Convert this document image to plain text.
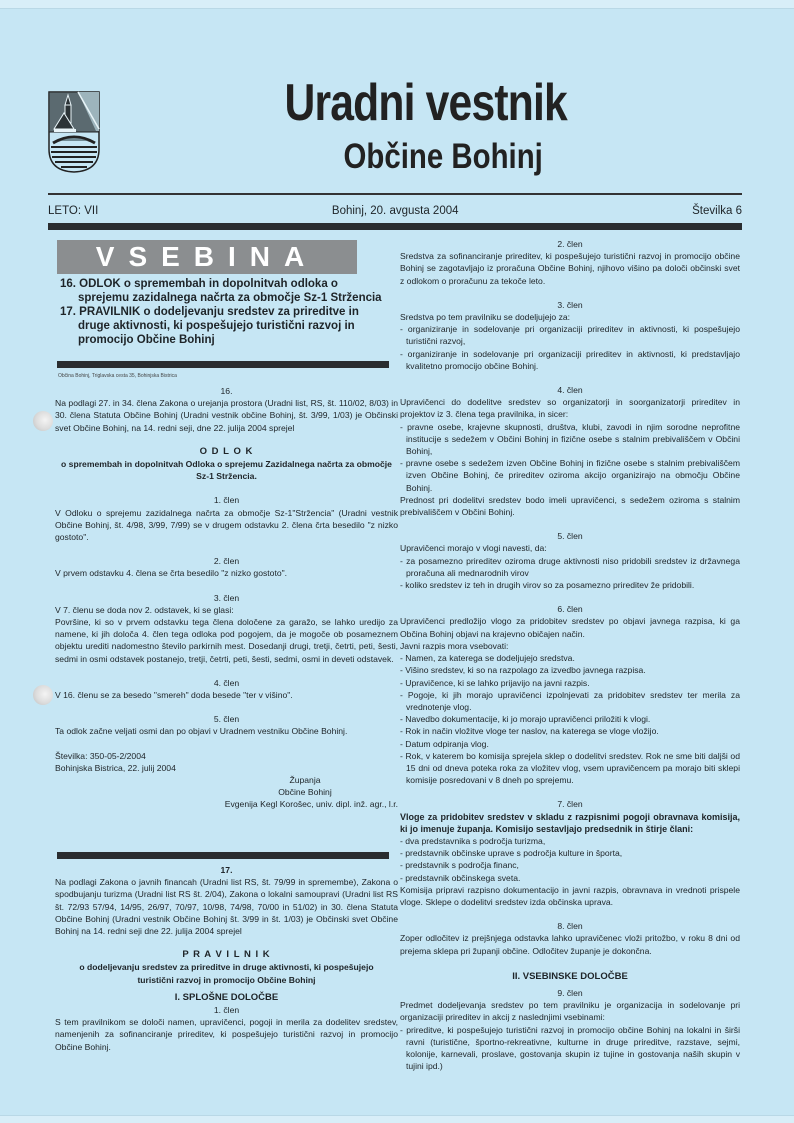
Uradni vestnik
Občine Bohinj
LETO: VII	Bohinj, 20. avgusta 2004	Številka 6
VSEBINA
16. ODLOK o spremembah in dopolnitvah odloka o sprejemu zazidalnega načrta za območje Sz-1 Stržencia
17. PRAVILNIK o dodeljevanju sredstev za prireditve in druge aktivnosti, ki pospešujejo turistični razvoj in promocijo Občine Bohinj
Občina Bohinj, Triglavska cesta 35, Bohinjska Bistrica
16.
Na podlagi 27. in 34. člena Zakona o urejanja prostora (Uradni list, RS, št. 110/02, 8/03) in 30. člena Statuta Občine Bohinj (Uradni vestnik občine Bohinj, št. 3/99, 1/03) je Občinski svet Občine Bohinj, na 14. redni seji, dne 22. julija 2004 sprejel
O D L O K
o spremembah in dopolnitvah Odloka o sprejemu Zazidalnega načrta za območje Sz-1 Stržencia.
1. člen
V Odloku o sprejemu zazidalnega načrta za območje Sz-1"Stržencia" (Uradni vestnik Občine Bohinj, št. 4/98, 3/99, 7/99) se v drugem odstavku 2. člena črta besedilo "z nizko gostoto".
2. člen
V prvem odstavku 4. člena se črta besedilo "z nizko gostoto".
3. člen
V 7. členu se doda nov 2. odstavek, ki se glasi:
Površine, ki so v prvem odstavku tega člena določene za garažo, se lahko uredijo za namene, ki jih določa 4. člen tega odloka pod pogojem, da je mogoče ob posameznem objektu urediti nadomestno število parkirnih mest. Dosedanji drugi, tretji, četrti, peti, šesti, sedmi in osmi odstavek postanejo, tretji, četrti, peti, šesti, sedmi, osmi in deveti odstavek.
4. člen
V 16. členu se za besedo "smereh" doda besede "ter v višino".
5. člen
Ta odlok začne veljati osmi dan po objavi v Uradnem vestniku Občine Bohinj.
Številka: 350-05-2/2004
Bohinjska Bistrica, 22. julij 2004
Županja
Občine Bohinj
Evgenija Kegl Korošec, univ. dipl. inž. agr., l.r.
17.
Na podlagi Zakona o javnih financah (Uradni list RS, št. 79/99 in spremembe), Zakona o spodbujanju turizma (Uradni list RS št. 2/04), Zakona o lokalni samoupravi (Uradni list RS št. 72/93 57/94, 14/95, 26/97, 70/97, 10/98, 74/98, 70/00 in 51/02) in 30. člena Statuta Občine Bohinj (Uradni vestnik Občine Bohinj št. 3/99 in št. 1/03) je Občinski svet Občine Bohinj na 14. redni seji dne 22. julija 2004 sprejel
P R A V I L N I K
o dodeljevanju sredstev za prireditve in druge aktivnosti, ki pospešujejo turistični razvoj in promocijo Občine Bohinj
I. SPLOŠNE DOLOČBE
1. člen
S tem pravilnikom se določi namen, upravičenci, pogoji in merila za dodelitev sredstev, namenjenih za sofinanciranje prireditev, ki pospešujejo turistični razvoj in promocijo Občine Bohinj.
2. člen
Sredstva za sofinanciranje prireditev, ki pospešujejo turistični razvoj in promocijo občine Bohinj se zagotavljajo iz proračuna Občine Bohinj, njihovo višino pa določi občinski svet z odlokom o proračunu za tekoče leto.
3. člen
Sredstva po tem pravilniku se dodeljujejo za:
- organiziranje in sodelovanje pri organizaciji prireditev in aktivnosti, ki pospešujejo turistični razvoj,
- organiziranje in sodelovanje pri organizaciji prireditev in aktivnosti, ki predstavljajo kvalitetno promocijo občine Bohinj.
4. člen
Upravičenci do dodelitve sredstev so organizatorji in soorganizatorji prireditev in projektov iz 3. člena tega pravilnika, in sicer:
- pravne osebe, krajevne skupnosti, društva, klubi, zavodi in njim sorodne neprofitne institucije s sedežem v Občini Bohinj in fizične osebe s stalnim prebivališčem v Občini Bohinj,
- pravne osebe s sedežem izven Občine Bohinj in fizične osebe s stalnim prebivališčem izven Občine Bohinj, če prireditev oziroma akcijo organizirajo na območju Občine Bohinj.
Prednost pri dodelitvi sredstev bodo imeli upravičenci, s sedežem oziroma s stalnim prebivališčem v Občini Bohinj.
5. člen
Upravičenci morajo v vlogi navesti, da:
- za posamezno prireditev oziroma druge aktivnosti niso pridobili sredstev iz državnega proračuna ali mednarodnih virov
- koliko sredstev iz teh in drugih virov so za posamezno prireditev že pridobili.
6. člen
Upravičenci predložijo vlogo za pridobitev sredstev po objavi javnega razpisa, ki ga Občina Bohinj objavi na krajevno običajen način.
Javni razpis mora vsebovati:
- Namen, za katerega se dodeljujejo sredstva.
- Višino sredstev, ki so na razpolago za izvedbo javnega razpisa.
- Upravičence, ki se lahko prijavijo na javni razpis.
- Pogoje, ki jih morajo upravičenci izpolnjevati za pridobitev sredstev ter merila za vrednotenje vlog.
- Navedbo dokumentacije, ki jo morajo upravičenci priložiti k vlogi.
- Rok in način vložitve vloge ter naslov, na katerega se vloge vložijo.
- Datum odpiranja vlog.
- Rok, v katerem bo komisija sprejela sklep o dodelitvi sredstev. Rok ne sme biti daljši od 15 dni od dneva poteka roka za vložitev vlog, vsem upravičencem pa morajo biti sklepi komisije posredovani v 8 dneh po sprejemu.
7. člen
Vloge za pridobitev sredstev v skladu z razpisnimi pogoji obravnava komisija, ki jo imenuje županja. Komisijo sestavljajo predsednik in štirje člani:
- dva predstavnika s področja turizma,
- predstavnik občinske uprave s področja kulture in športa,
- predstavnik s področja financ,
- predstavnik občinskega sveta.
Komisija pripravi razpisno dokumentacijo in javni razpis, obravnava in vrednoti prispele vloge. Sklepe o dodelitvi sredstev izda občinska uprava.
8. člen
Zoper odločitev iz prejšnjega odstavka lahko upravičenec vloži pritožbo, v roku 8 dni od prejema sklepa pri županji občine. Odločitev županje je dokončna.
II. VSEBINSKE DOLOČBE
9. člen
Predmet dodeljevanja sredstev po tem pravilniku je organizacija in sodelovanje pri organizaciji prireditev in akcij z naslednjimi vsebinami:
- prireditve, ki pospešujejo turistični razvoj in promocijo občine Bohinj na lokalni in širši ravni (turistične, športno-rekreativne, kulturne in druge prireditve, razstave, sejmi, kolonije, karnevali, proslave, gostovanja skupin iz tujine in gostovanja naših skupin v tujini ipd.)
